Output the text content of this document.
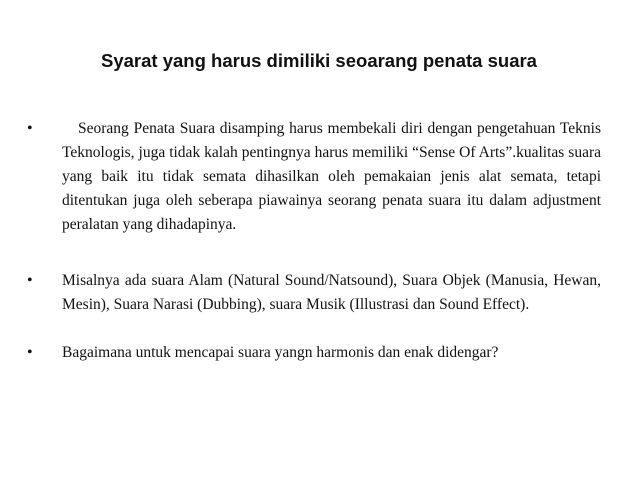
Syarat yang harus dimiliki seoarang penata suara
•	Seorang Penata Suara disamping harus membekali diri dengan pengetahuan Teknis Teknologis, juga tidak kalah pentingnya harus memiliki “Sense Of Arts”.kualitas suara yang baik itu tidak semata dihasilkan oleh pemakaian jenis alat semata, tetapi ditentukan juga oleh seberapa piawainya seorang penata suara itu dalam adjustment peralatan yang dihadapinya.

• Misalnya ada suara Alam (Natural Sound/Natsound), Suara Objek (Manusia, Hewan, Mesin), Suara Narasi (Dubbing), suara Musik (Illustrasi dan Sound Effect).

• Bagaimana untuk mencapai suara yangn harmonis dan enak didengar?
